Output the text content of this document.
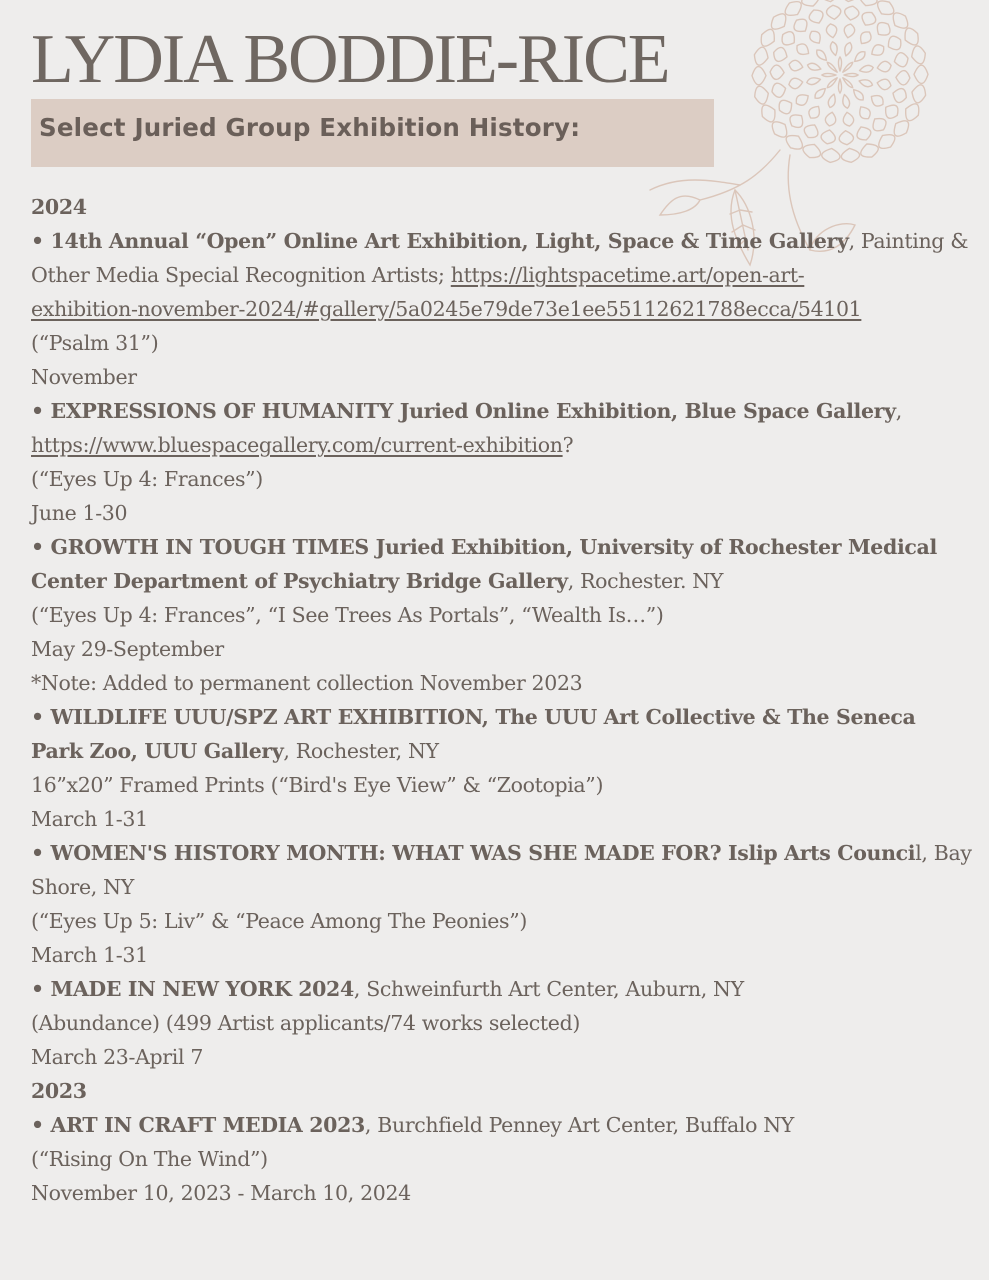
LYDIA BODDIE-RICE
Select Juried Group Exhibition History:
2024
• 14th Annual “Open” Online Art Exhibition, Light, Space & Time Gallery, Painting &
Other Media Special Recognition Artists; https://lightspacetime.art/open-art-
exhibition-november-2024/#gallery/5a0245e79de73e1ee55112621788ecca/54101
(“Psalm 31”)
November
• EXPRESSIONS OF HUMANITY Juried Online Exhibition, Blue Space Gallery,
https://www.bluespacegallery.com/current-exhibition?
(“Eyes Up 4: Frances”)
June 1-30
• GROWTH IN TOUGH TIMES Juried Exhibition, University of Rochester Medical
Center Department of Psychiatry Bridge Gallery, Rochester. NY
(“Eyes Up 4: Frances”, “I See Trees As Portals”, “Wealth Is…”)
May 29-September
*Note: Added to permanent collection November 2023
• WILDLIFE UUU/SPZ ART EXHIBITION, The UUU Art Collective & The Seneca
Park Zoo, UUU Gallery, Rochester, NY
16”x20” Framed Prints (“Bird's Eye View” & “Zootopia”)
March 1-31
• WOMEN'S HISTORY MONTH: WHAT WAS SHE MADE FOR? Islip Arts Council, Bay
Shore, NY
(“Eyes Up 5: Liv” & “Peace Among The Peonies”)
March 1-31
• MADE IN NEW YORK 2024, Schweinfurth Art Center, Auburn, NY
(Abundance) (499 Artist applicants/74 works selected)
March 23-April 7
2023
• ART IN CRAFT MEDIA 2023, Burchfield Penney Art Center, Buffalo NY
(“Rising On The Wind”)
November 10, 2023 - March 10, 2024
